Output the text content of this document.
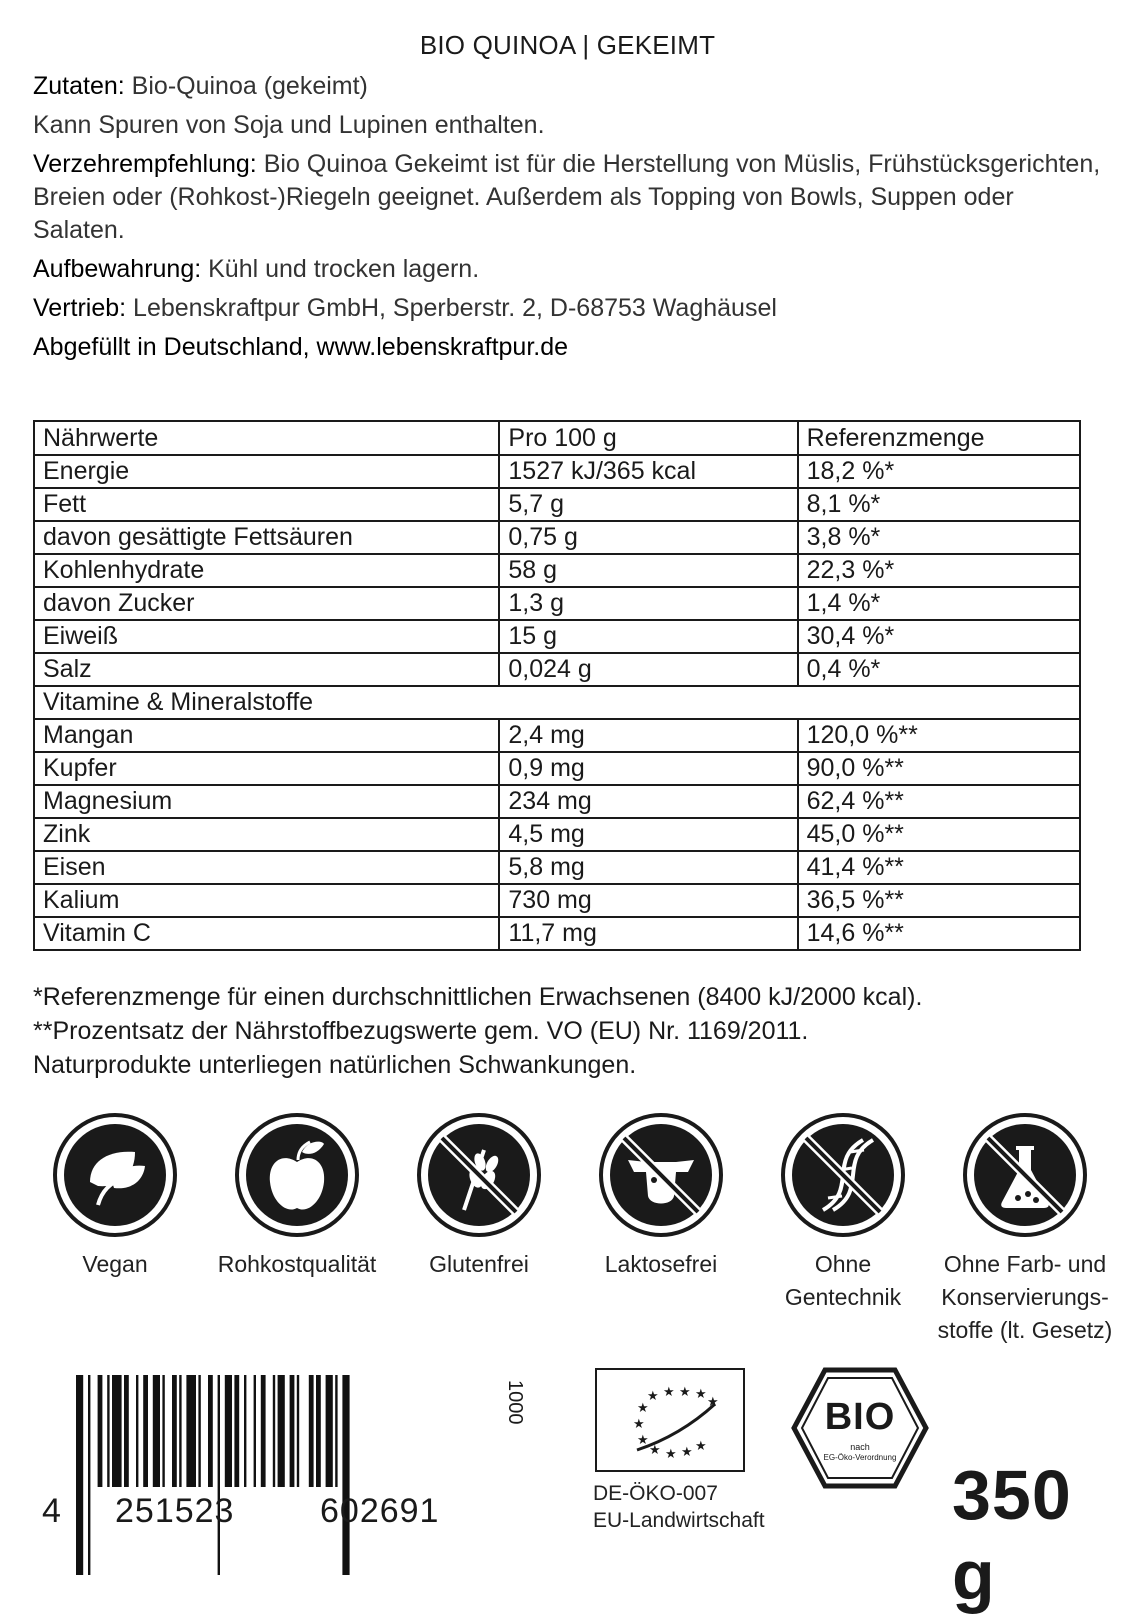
BIO QUINOA | GEKEIMT
Zutaten: Bio-Quinoa (gekeimt)
Kann Spuren von Soja und Lupinen enthalten.
Verzehrempfehlung: Bio Quinoa Gekeimt ist für die Herstellung von Müslis, Frühstücksgerichten, Breien oder (Rohkost-)Riegeln geeignet. Außerdem als Topping von Bowls, Suppen oder Salaten.
Aufbewahrung: Kühl und trocken lagern.
Vertrieb: Lebenskraftpur GmbH, Sperberstr. 2, D-68753 Waghäusel
Abgefüllt in Deutschland, www.lebenskraftpur.de
Nährwerte	Pro 100 g	Referenzmenge
Energie	1527 kJ/365 kcal	18,2 %*
Fett	5,7 g	8,1 %*
davon gesättigte Fettsäuren	0,75 g	3,8 %*
Kohlenhydrate	58 g	22,3 %*
davon Zucker	1,3 g	1,4 %*
Eiweiß	15 g	30,4 %*
Salz	0,024 g	0,4 %*
Vitamine & Mineralstoffe		
Mangan	2,4 mg	120,0 %**
Kupfer	0,9 mg	90,0 %**
Magnesium	234 mg	62,4 %**
Zink	4,5 mg	45,0 %**
Eisen	5,8 mg	41,4 %**
Kalium	730 mg	36,5 %**
Vitamin C	11,7 mg	14,6 %**
*Referenzmenge für einen durchschnittlichen Erwachsenen (8400 kJ/2000 kcal).
**Prozentsatz der Nährstoffbezugswerte gem. VO (EU) Nr. 1169/2011.
Naturprodukte unterliegen natürlichen Schwankungen.
Vegan	Rohkostqualität	Glutenfrei	Laktosefrei	Ohne
Gentechnik
Ohne Farb- und
Konservierungs-
stoffe (lt. Gesetz)
4 251523	602691
1000	★ ★ ★ ★
★
★
★
★
★ ★ ★ ★
DE-ÖKO-007
EU-Landwirtschaft
BIO
nach
EG-Öko-Verordnung 350 g
